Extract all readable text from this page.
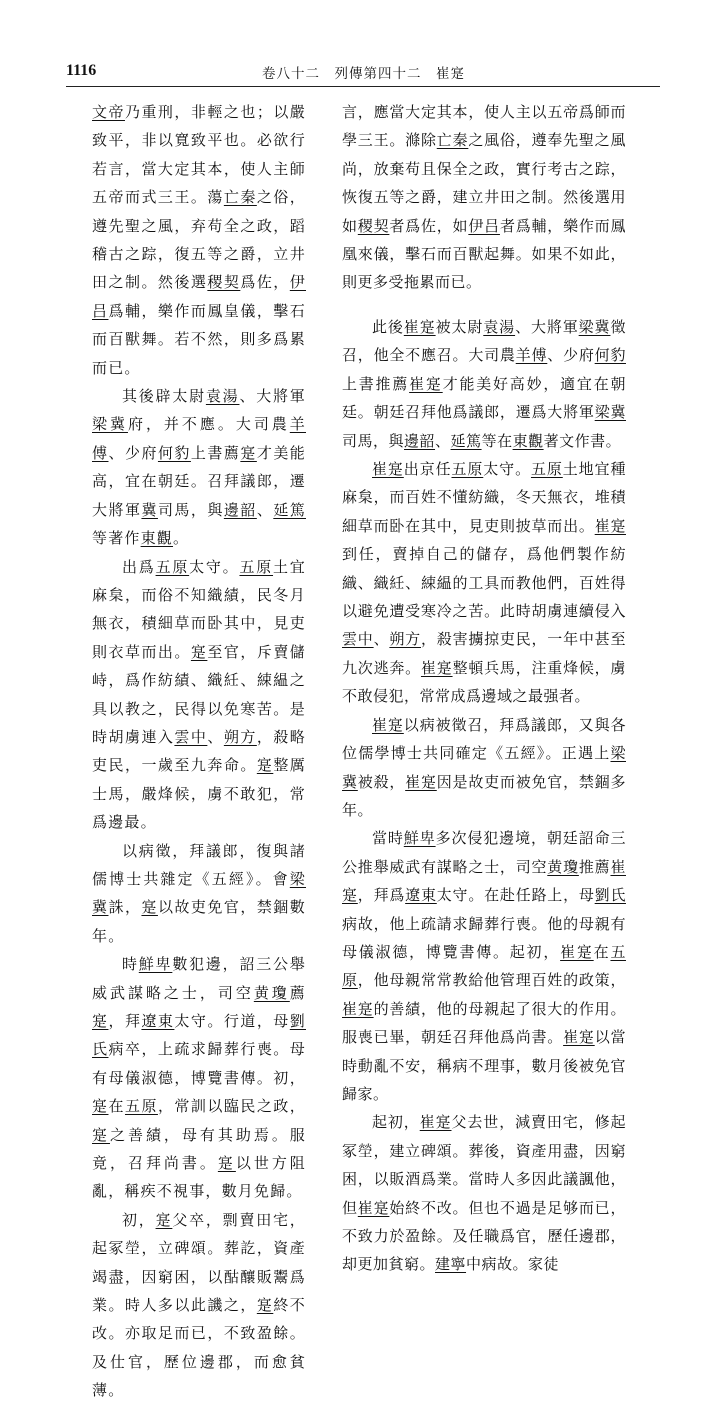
1116	卷八十二　列傳第四十二　崔寔

文帝乃重刑，非輕之也；以嚴致平，非以寬致平也。必欲行若言，當大定其本，使人主師五帝而式三王。蕩亡秦之俗，遵先聖之風，弃苟全之政，蹈稽古之踪，復五等之爵，立井田之制。然後選稷契爲佐，伊吕爲輔，樂作而鳳皇儀，擊石而百獸舞。若不然，則多爲累而已。

其後辟太尉袁湯、大將軍梁冀府，并不應。大司農羊傅、少府何豹上書薦寔才美能高，宜在朝廷。召拜議郎，遷大將軍冀司馬，與邊韶、延篤等著作東觀。

出爲五原太守。五原土宜麻枲，而俗不知織績，民冬月無衣，積細草而卧其中，見吏則衣草而出。寔至官，斥賣儲峙，爲作紡績、織紝、綀緼之具以教之，民得以免寒苦。是時胡虜連入雲中、朔方，殺略吏民，一歲至九奔命。寔整厲士馬，嚴烽候，虜不敢犯，常爲邊最。

以病徵，拜議郎，復與諸儒博士共雜定《五經》。會梁冀誅，寔以故吏免官，禁錮數年。

時鮮卑數犯邊，詔三公舉威武謀略之士，司空黄瓊薦寔，拜遼東太守。行道，母劉氏病卒，上疏求歸葬行喪。母有母儀淑德，博覽書傳。初，寔在五原，常訓以臨民之政，寔之善績，母有其助焉。服竟，召拜尚書。寔以世方阻亂，稱疾不視事，數月免歸。

初，寔父卒，剽賣田宅，起冢塋，立碑頌。葬訖，資產竭盡，因窮困，以酤釀販鬻爲業。時人多以此譏之，寔終不改。亦取足而已，不致盈餘。及仕官，歷位邊郡，而愈貧薄。

言，應當大定其本，使人主以五帝爲師而學三王。滌除亡秦之風俗，遵奉先聖之風尚，放棄苟且保全之政，實行考古之踪，恢復五等之爵，建立井田之制。然後選用如稷契者爲佐，如伊吕者爲輔，樂作而鳳凰來儀，擊石而百獸起舞。如果不如此，則更多受拖累而已。

此後崔寔被太尉袁湯、大將軍梁冀徵召，他全不應召。大司農羊傅、少府何豹上書推薦崔寔才能美好高妙，適宜在朝廷。朝廷召拜他爲議郎，遷爲大將軍梁冀司馬，與邊韶、延篤等在東觀著文作書。

崔寔出京任五原太守。五原土地宜種麻枲，而百姓不懂紡織，冬天無衣，堆積細草而卧在其中，見吏則披草而出。崔寔到任，賣掉自己的儲存，爲他們製作紡織、織紝、綀緼的工具而教他們，百姓得以避免遭受寒冷之苦。此時胡虜連續侵入雲中、朔方，殺害擄掠吏民，一年中甚至九次逃奔。崔寔整頓兵馬，注重烽候，虜不敢侵犯，常常成爲邊域之最强者。

崔寔以病被徵召，拜爲議郎，又與各位儒學博士共同確定《五經》。正遇上梁冀被殺，崔寔因是故吏而被免官，禁錮多年。

當時鮮卑多次侵犯邊境，朝廷詔命三公推舉威武有謀略之士，司空黄瓊推薦崔寔，拜爲遼東太守。在赴任路上，母劉氏病故，他上疏請求歸葬行喪。他的母親有母儀淑德，博覽書傳。起初，崔寔在五原，他母親常常教給他管理百姓的政策，崔寔的善績，他的母親起了很大的作用。服喪已畢，朝廷召拜他爲尚書。崔寔以當時動亂不安，稱病不理事，數月後被免官歸家。

起初，崔寔父去世，減賣田宅，修起冢塋，建立碑頌。葬後，資產用盡，因窮困，以販酒爲業。當時人多因此議諷他，但崔寔始終不改。但也不過是足够而已，不致力於盈餘。及任職爲官，歷任邊郡，却更加貧窮。建寧中病故。家徒
